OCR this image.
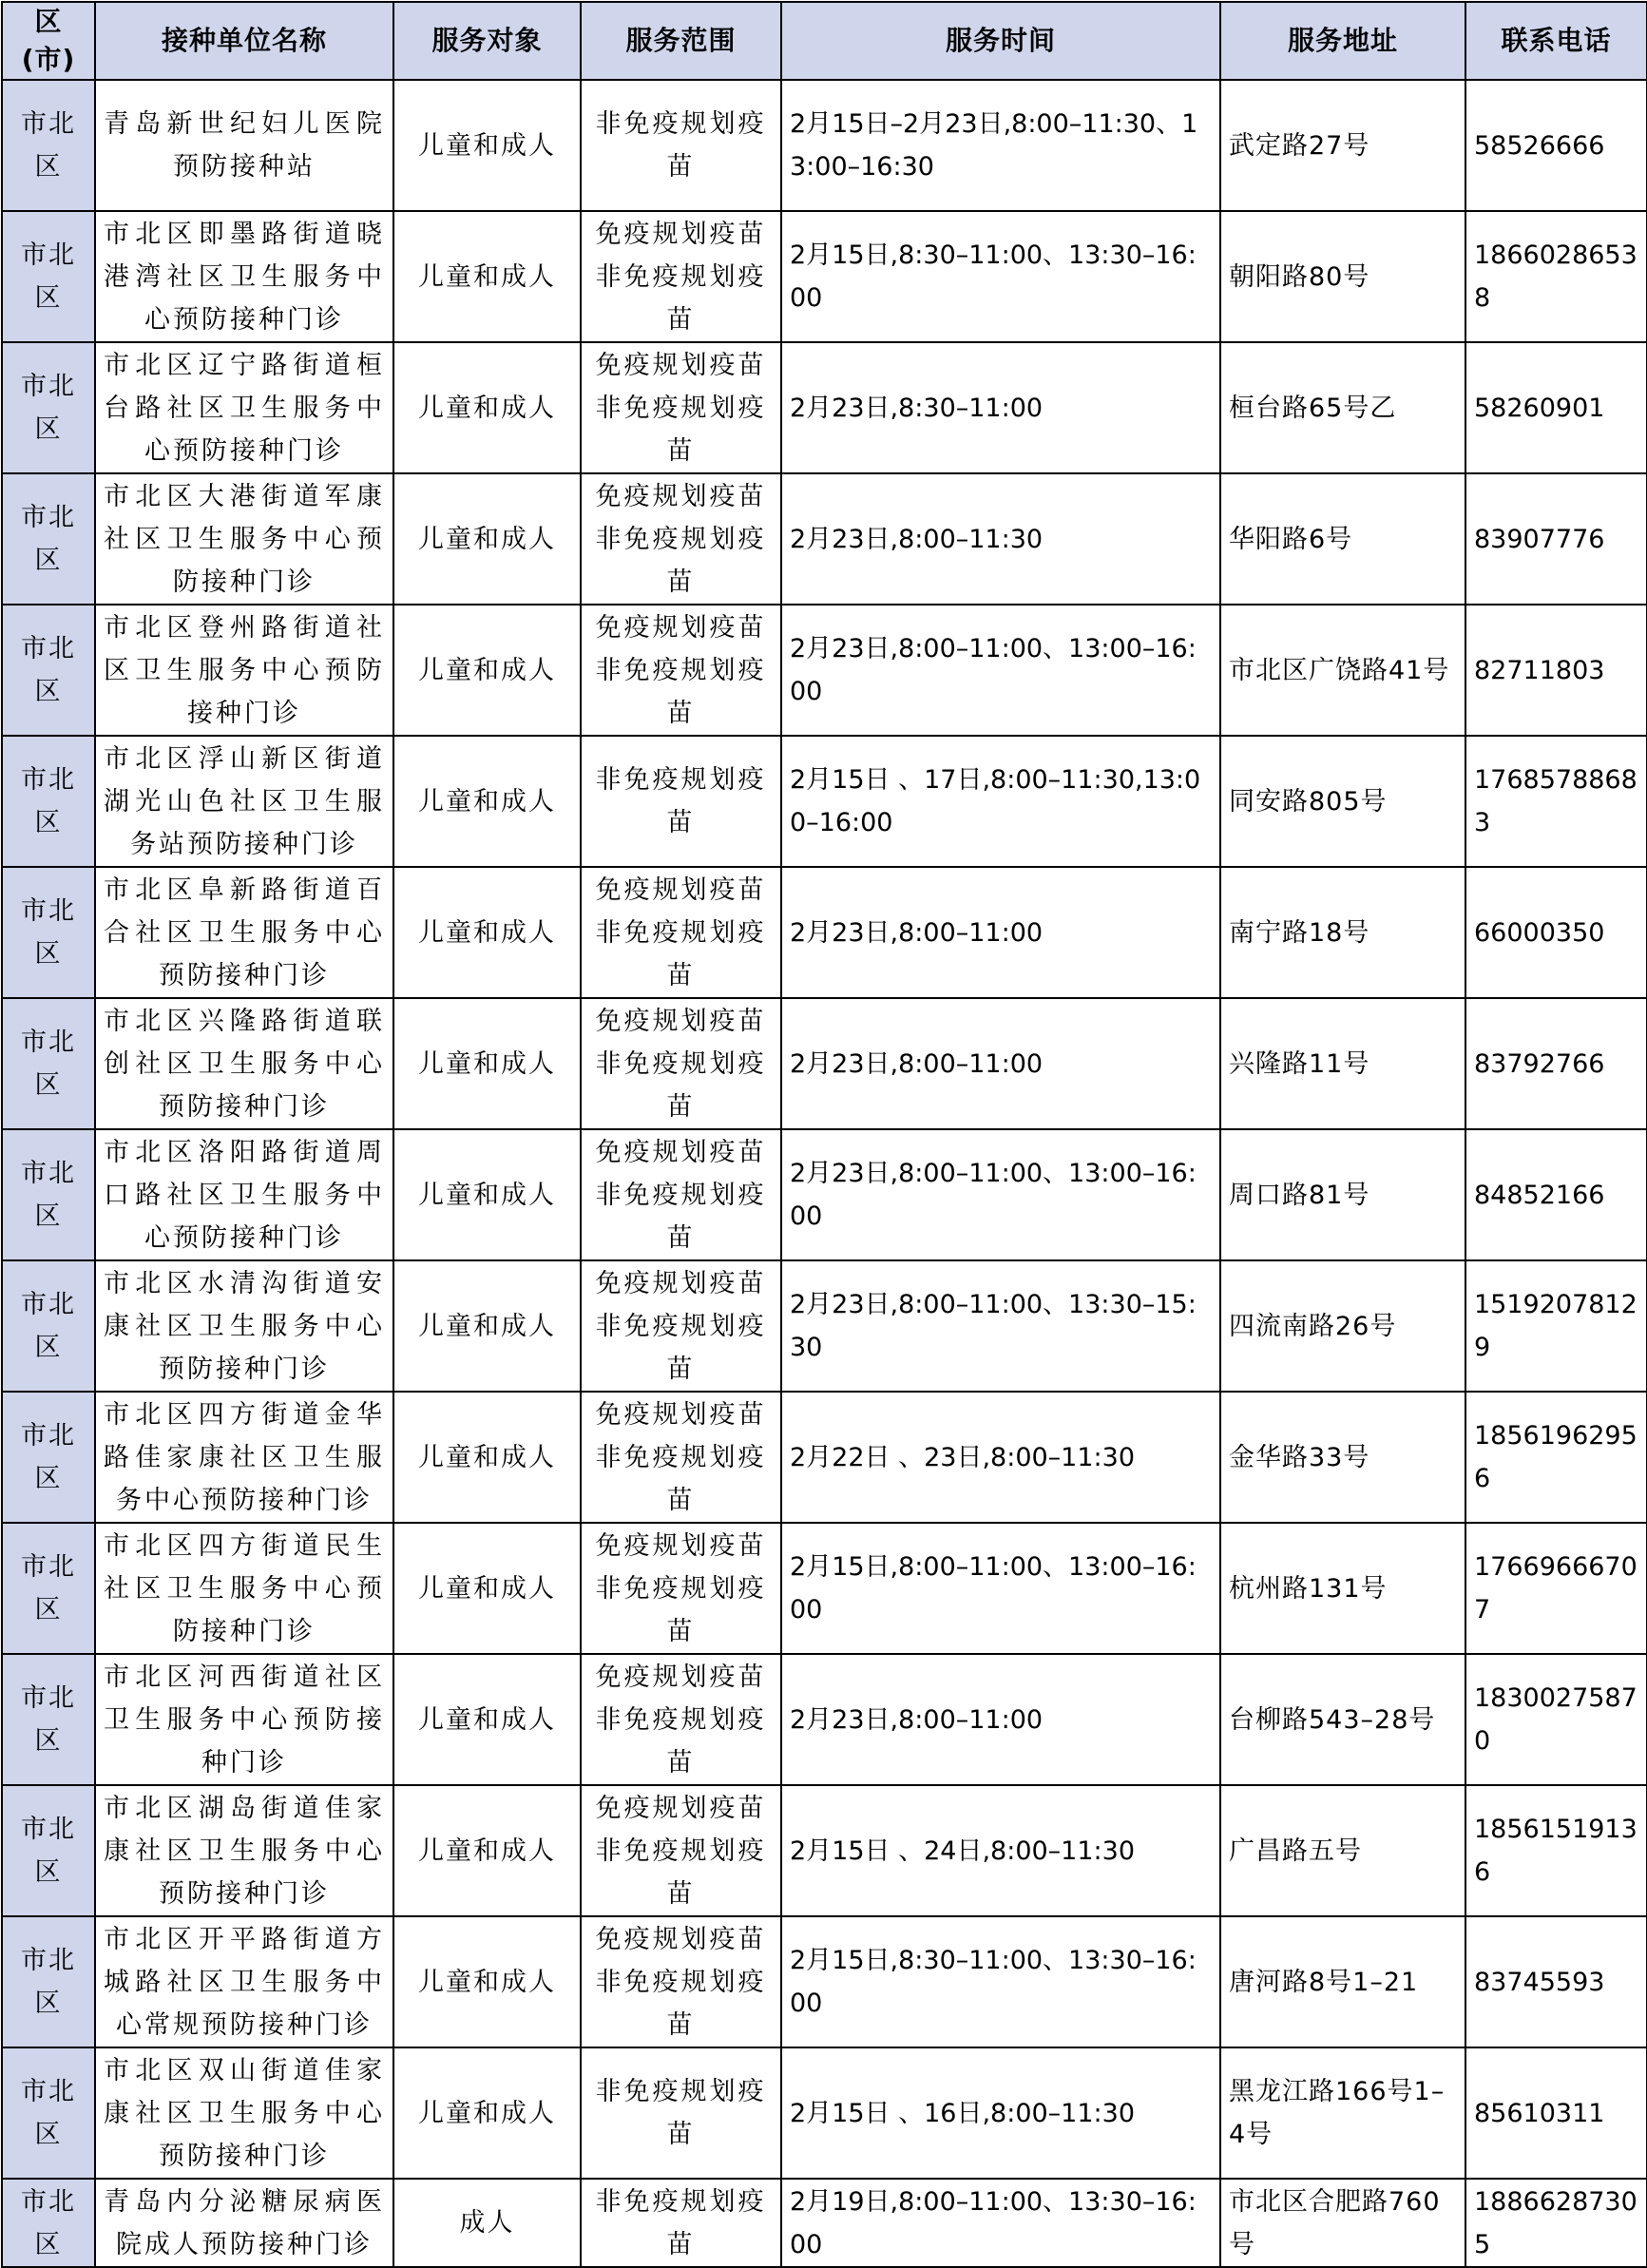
区(市)	接种单位名称	服务对象	服务范围	服务时间	服务地址	联系电话
市北区	青岛新世纪妇儿医院预防接种站	儿童和成人	非免疫规划疫苗	2月15日–2月23日,8:00–11:30、13:00–16:30	武定路27号	58526666
市北区	市北区即墨路街道晓港湾社区卫生服务中心预防接种门诊	儿童和成人	免疫规划疫苗 非免疫规划疫苗	2月15日,8:30–11:00、13:30–16:00	朝阳路80号	18660286538
市北区	市北区辽宁路街道桓台路社区卫生服务中心预防接种门诊	儿童和成人	免疫规划疫苗 非免疫规划疫苗	2月23日,8:30–11:00	桓台路65号乙	58260901
市北区	市北区大港街道军康社区卫生服务中心预防接种门诊	儿童和成人	免疫规划疫苗 非免疫规划疫苗	2月23日,8:00–11:30	华阳路6号	83907776
市北区	市北区登州路街道社区卫生服务中心预防接种门诊	儿童和成人	免疫规划疫苗 非免疫规划疫苗	2月23日,8:00–11:00、13:00–16:00	市北区广饶路41号	82711803
市北区	市北区浮山新区街道湖光山色社区卫生服务站预防接种门诊	儿童和成人	非免疫规划疫苗	2月15日 、17日,8:00–11:30,13:00–16:00	同安路805号	17685788683
市北区	市北区阜新路街道百合社区卫生服务中心预防接种门诊	儿童和成人	免疫规划疫苗 非免疫规划疫苗	2月23日,8:00–11:00	南宁路18号	66000350
市北区	市北区兴隆路街道联创社区卫生服务中心预防接种门诊	儿童和成人	免疫规划疫苗 非免疫规划疫苗	2月23日,8:00–11:00	兴隆路11号	83792766
市北区	市北区洛阳路街道周口路社区卫生服务中心预防接种门诊	儿童和成人	免疫规划疫苗 非免疫规划疫苗	2月23日,8:00–11:00、13:00–16:00	周口路81号	84852166
市北区	市北区水清沟街道安康社区卫生服务中心预防接种门诊	儿童和成人	免疫规划疫苗 非免疫规划疫苗	2月23日,8:00–11:00、13:30–15:30	四流南路26号	15192078129
市北区	市北区四方街道金华路佳家康社区卫生服务中心预防接种门诊	儿童和成人	免疫规划疫苗 非免疫规划疫苗	2月22日 、23日,8:00–11:30	金华路33号	18561962956
市北区	市北区四方街道民生社区卫生服务中心预防接种门诊	儿童和成人	免疫规划疫苗 非免疫规划疫苗	2月15日,8:00–11:00、13:00–16:00	杭州路131号	17669666707
市北区	市北区河西街道社区卫生服务中心预防接种门诊	儿童和成人	免疫规划疫苗 非免疫规划疫苗	2月23日,8:00–11:00	台柳路543–28号	18300275870
市北区	市北区湖岛街道佳家康社区卫生服务中心预防接种门诊	儿童和成人	免疫规划疫苗 非免疫规划疫苗	2月15日 、24日,8:00–11:30	广昌路五号	18561519136
市北区	市北区开平路街道方城路社区卫生服务中心常规预防接种门诊	儿童和成人	免疫规划疫苗 非免疫规划疫苗	2月15日,8:30–11:00、13:30–16:00	唐河路8号1–21	83745593
市北区	市北区双山街道佳家康社区卫生服务中心预防接种门诊	儿童和成人	非免疫规划疫苗	2月15日 、16日,8:00–11:30	黑龙江路166号1–4号	85610311
市北区	青岛内分泌糖尿病医院成人预防接种门诊	成人	非免疫规划疫苗	2月19日,8:00–11:00、13:30–16:00	市北区合肥路760号	18866287305
